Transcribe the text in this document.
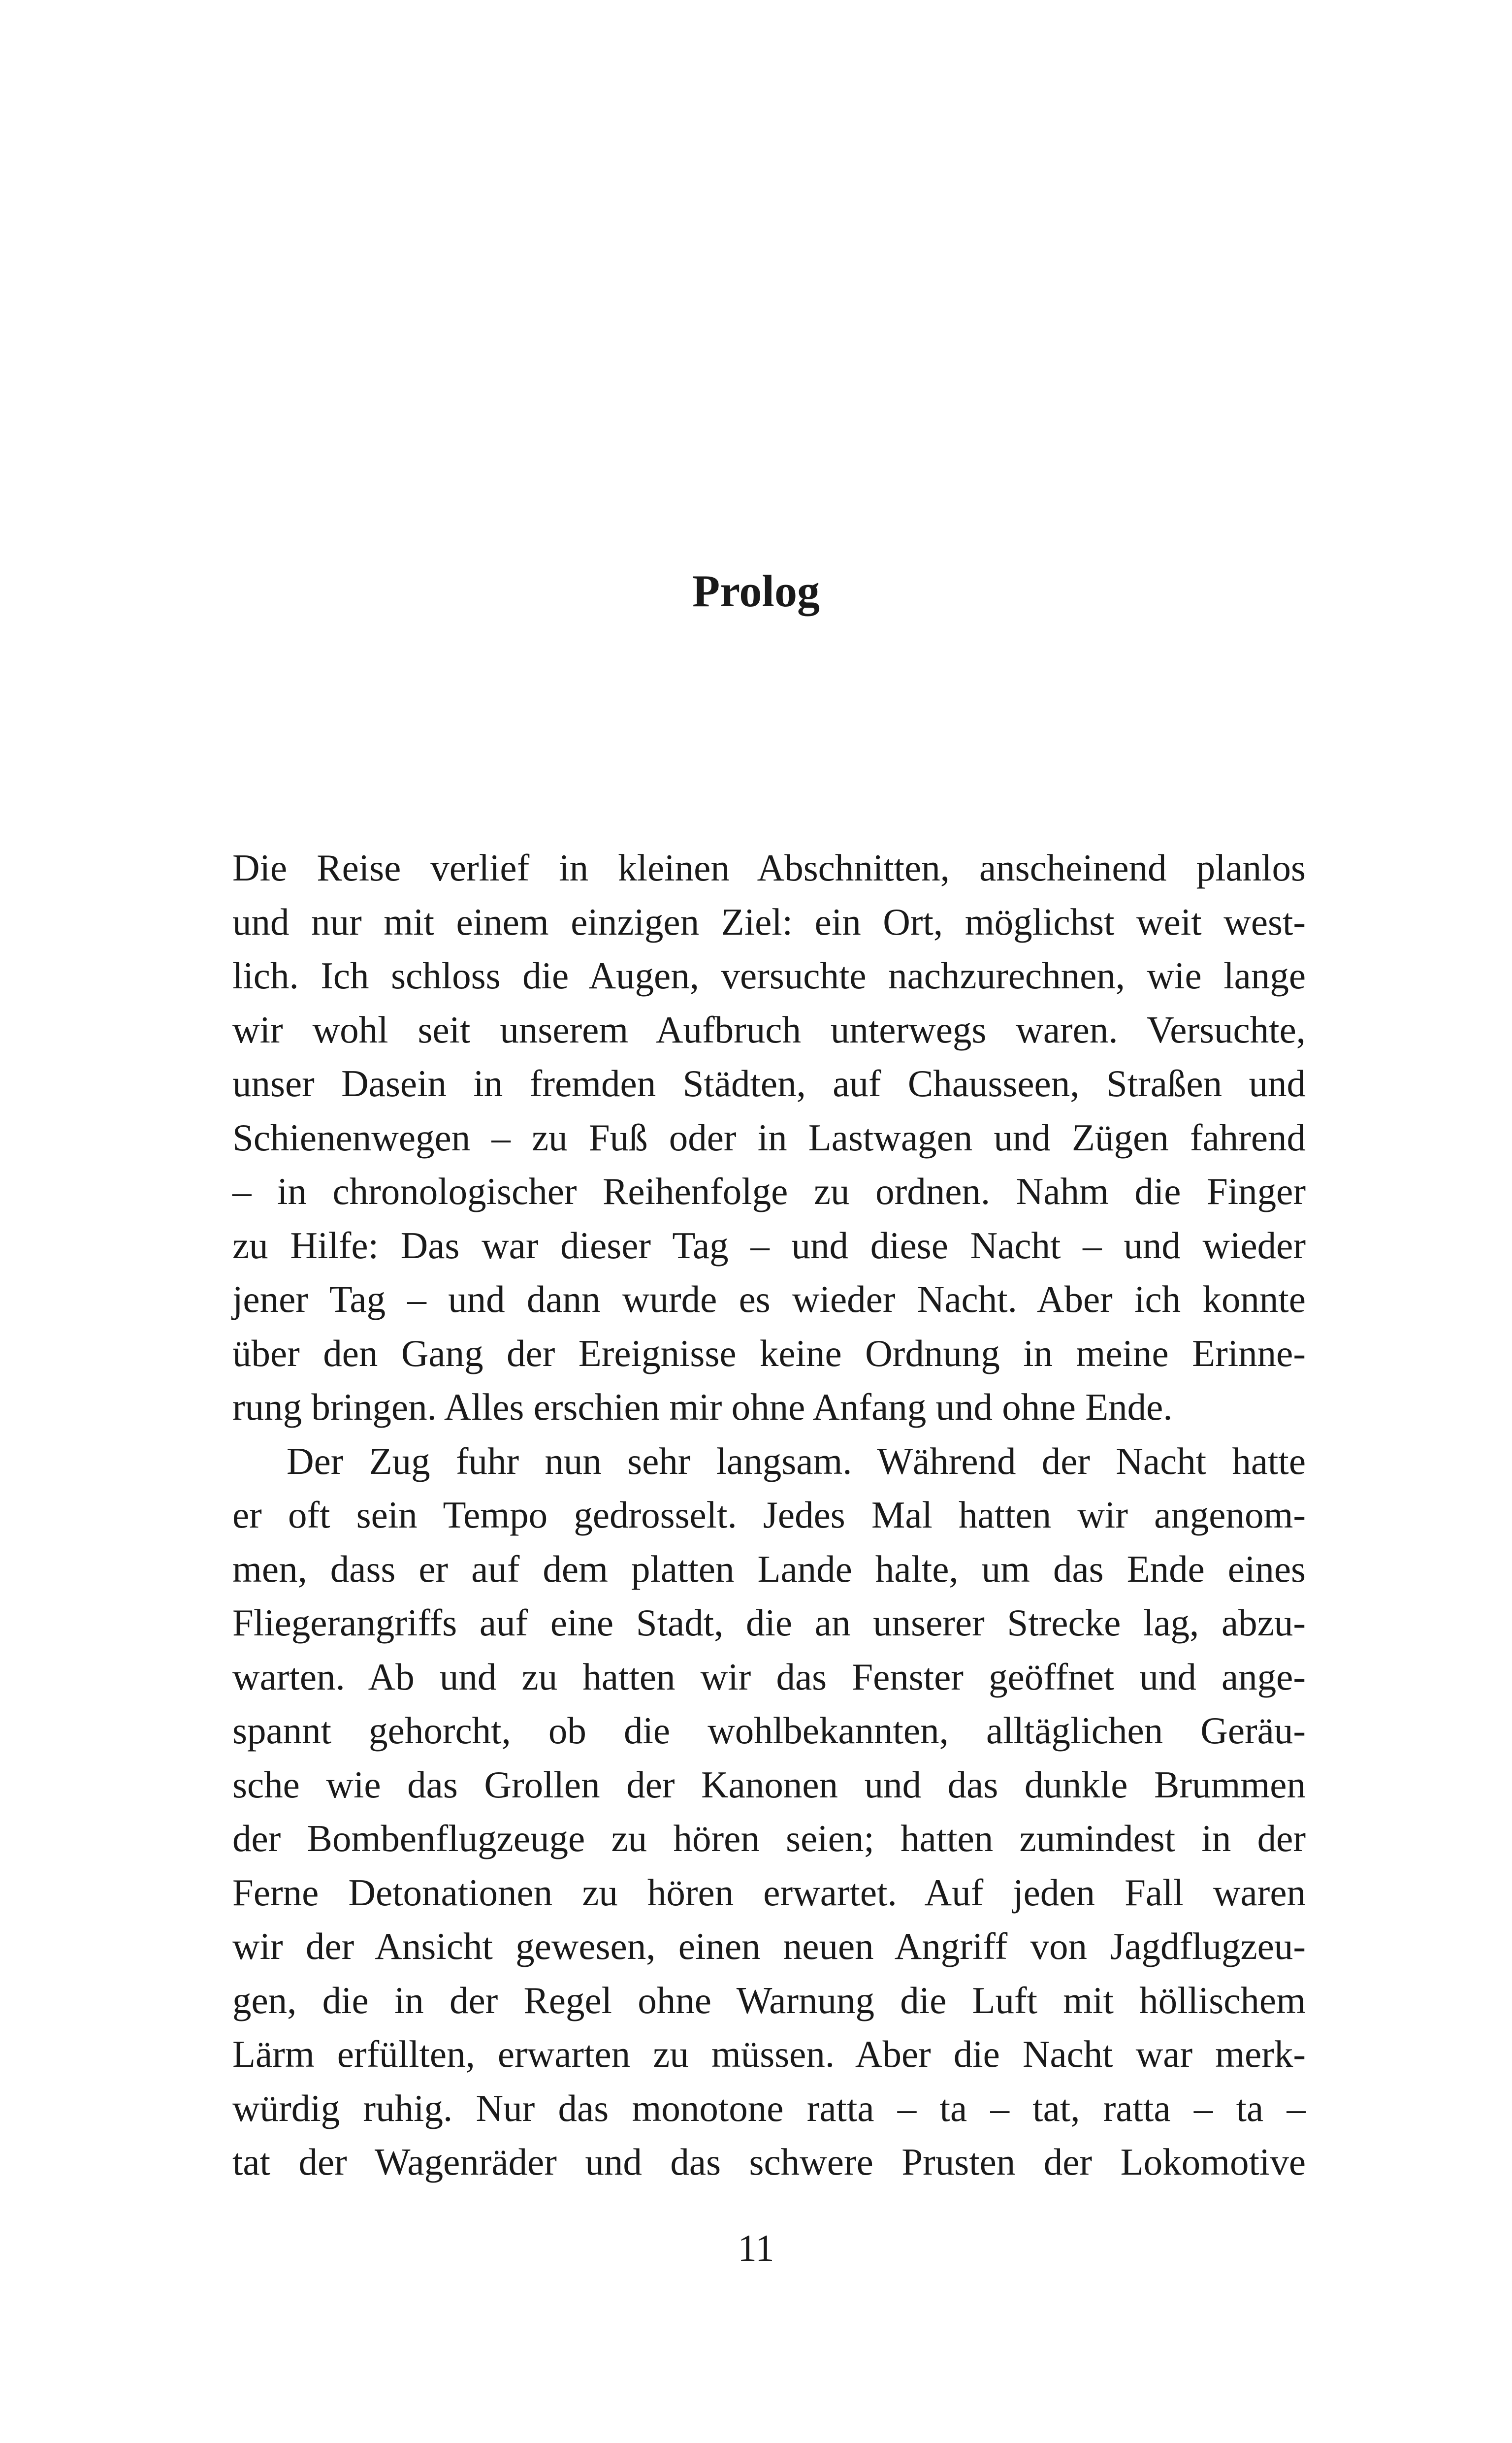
Prolog
Die Reise verlief in kleinen Abschnitten, anscheinend planlos
und nur mit einem einzigen Ziel: ein Ort, möglichst weit west-
lich. Ich schloss die Augen, versuchte nachzurechnen, wie lange
wir wohl seit unserem Aufbruch unterwegs waren. Versuchte,
unser Dasein in fremden Städten, auf Chausseen, Straßen und
Schienenwegen – zu Fuß oder in Lastwagen und Zügen fahrend
– in chronologischer Reihenfolge zu ordnen. Nahm die Finger
zu Hilfe: Das war dieser Tag – und diese Nacht – und wieder
jener Tag – und dann wurde es wieder Nacht. Aber ich konnte
über den Gang der Ereignisse keine Ordnung in meine Erinne-
rung bringen. Alles erschien mir ohne Anfang und ohne Ende.
Der Zug fuhr nun sehr langsam. Während der Nacht hatte
er oft sein Tempo gedrosselt. Jedes Mal hatten wir angenom-
men, dass er auf dem platten Lande halte, um das Ende eines
Fliegerangriffs auf eine Stadt, die an unserer Strecke lag, abzu-
warten. Ab und zu hatten wir das Fenster geöffnet und ange-
spannt gehorcht, ob die wohlbekannten, alltäglichen Geräu-
sche wie das Grollen der Kanonen und das dunkle Brummen
der Bombenflugzeuge zu hören seien; hatten zumindest in der
Ferne Detonationen zu hören erwartet. Auf jeden Fall waren
wir der Ansicht gewesen, einen neuen Angriff von Jagdflugzeu-
gen, die in der Regel ohne Warnung die Luft mit höllischem
Lärm erfüllten, erwarten zu müssen. Aber die Nacht war merk-
würdig ruhig. Nur das monotone ratta – ta – tat, ratta – ta –
tat der Wagenräder und das schwere Prusten der Lokomotive
11
